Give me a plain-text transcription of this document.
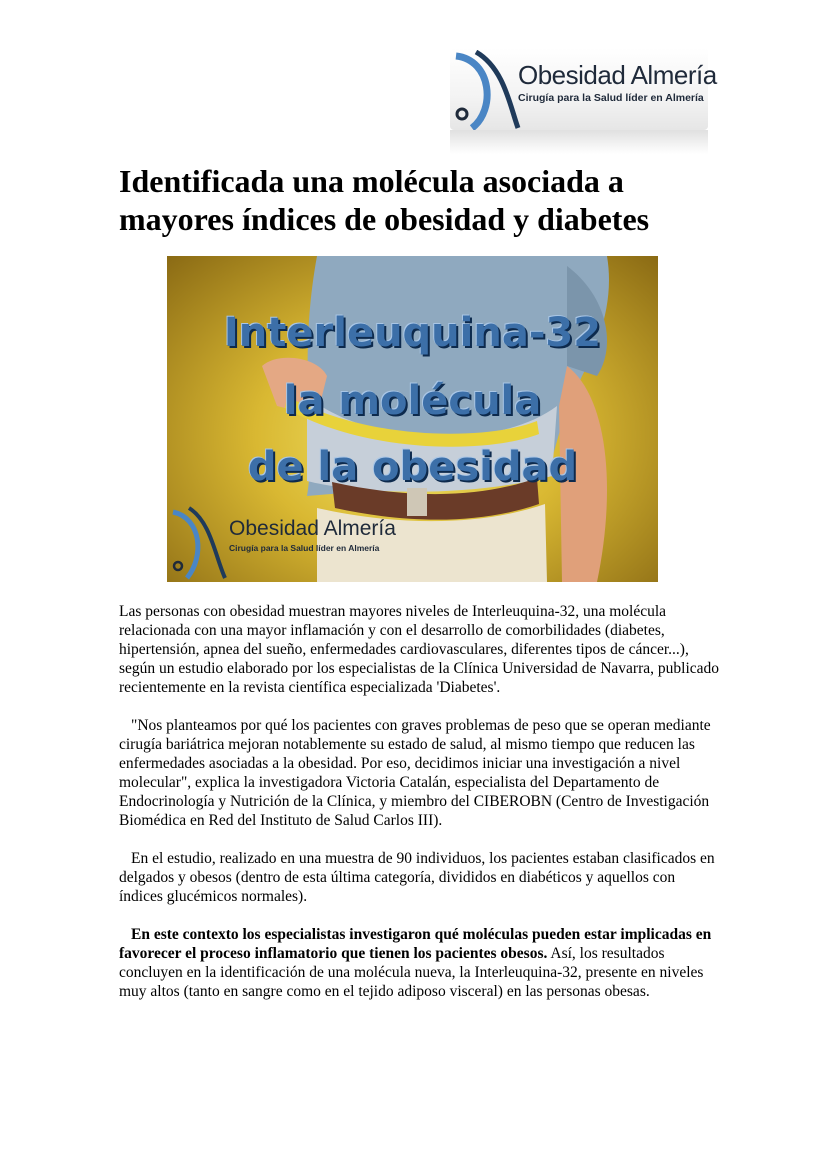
Obesidad Almería
Cirugía para la Salud líder en Almería
Identificada una molécula asociada a mayores índices de obesidad y diabetes
Interleuquina-32
la molécula
de la obesidad
Obesidad Almería
Cirugía para la Salud líder en Almería

Las personas con obesidad muestran mayores niveles de Interleuquina-32, una molécula relacionada con una mayor inflamación y con el desarrollo de comorbilidades (diabetes, hipertensión, apnea del sueño, enfermedades cardiovasculares, diferentes tipos de cáncer...), según un estudio elaborado por los especialistas de la Clínica Universidad de Navarra, publicado recientemente en la revista científica especializada 'Diabetes'.

"Nos planteamos por qué los pacientes con graves problemas de peso que se operan mediante cirugía bariátrica mejoran notablemente su estado de salud, al mismo tiempo que reducen las enfermedades asociadas a la obesidad. Por eso, decidimos iniciar una investigación a nivel molecular", explica la investigadora Victoria Catalán, especialista del Departamento de Endocrinología y Nutrición de la Clínica, y miembro del CIBEROBN (Centro de Investigación Biomédica en Red del Instituto de Salud Carlos III).

En el estudio, realizado en una muestra de 90 individuos, los pacientes estaban clasificados en delgados y obesos (dentro de esta última categoría, divididos en diabéticos y aquellos con índices glucémicos normales).

En este contexto los especialistas investigaron qué moléculas pueden estar implicadas en favorecer el proceso inflamatorio que tienen los pacientes obesos. Así, los resultados concluyen en la identificación de una molécula nueva, la Interleuquina-32, presente en niveles muy altos (tanto en sangre como en el tejido adiposo visceral) en las personas obesas.
